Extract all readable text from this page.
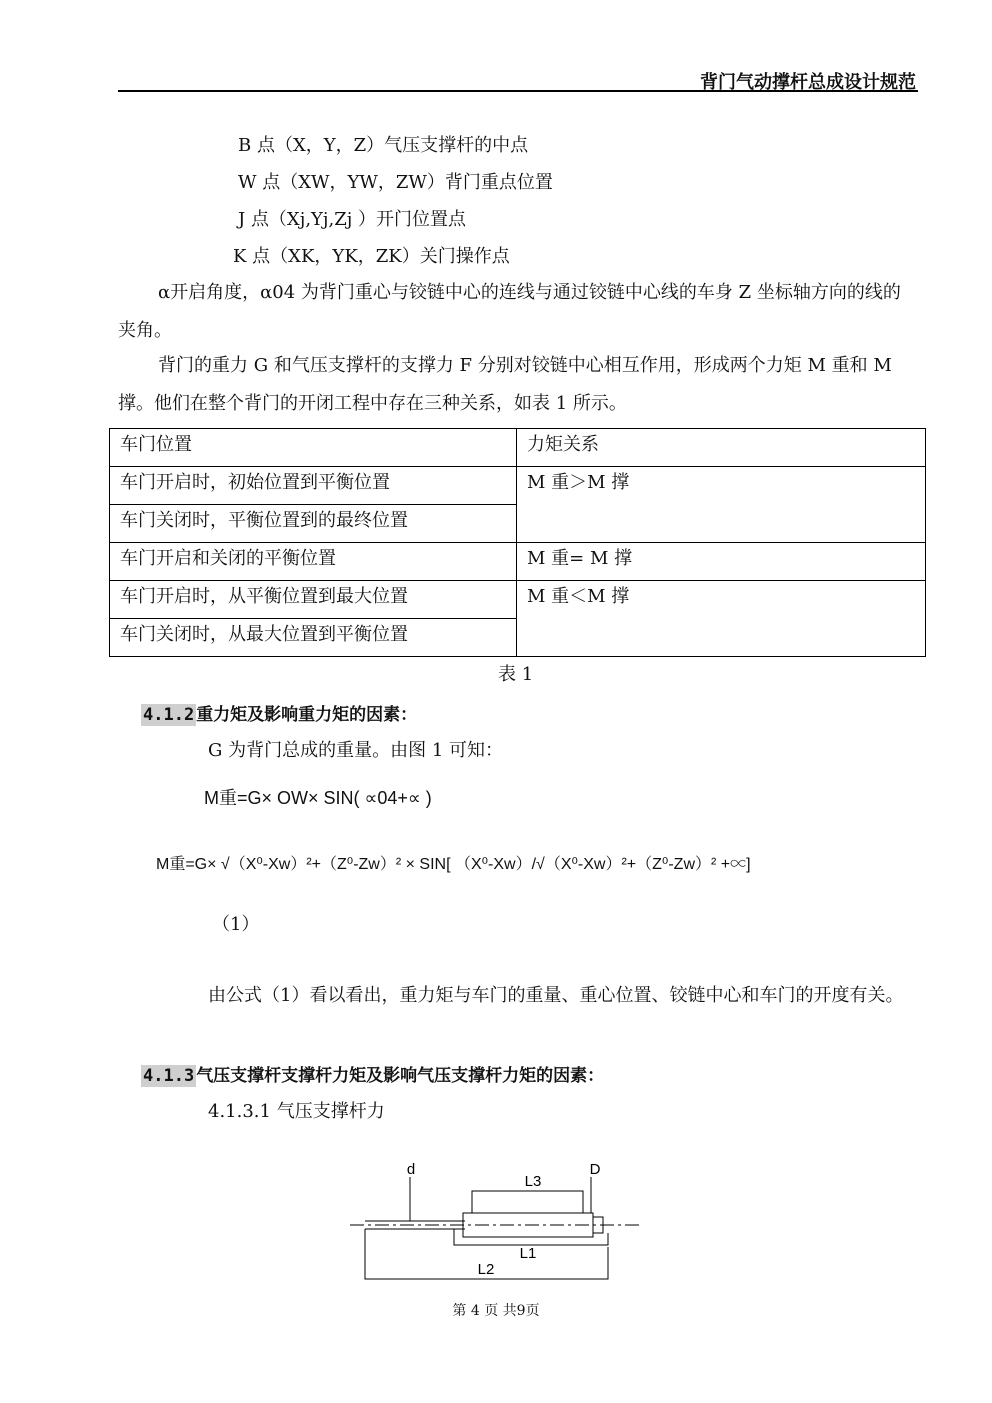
背门气动撑杆总成设计规范
B 点（X，Y，Z）气压支撑杆的中点
W 点（XW，YW，ZW）背门重点位置
J 点（Xj,Yj,Zj ）开门位置点
K 点（XK，YK，ZK）关门操作点
α开启角度，α04 为背门重心与铰链中心的连线与通过铰链中心线的车身 Z 坐标轴方向的线的夹角。
背门的重力 G 和气压支撑杆的支撑力 F 分别对铰链中心相互作用，形成两个力矩 M 重和 M 撑。他们在整个背门的开闭工程中存在三种关系，如表 1 所示。
车门位置	力矩关系
车门开启时，初始位置到平衡位置	M 重＞M 撑
车门关闭时，平衡位置到的最终位置	
车门开启和关闭的平衡位置	M 重= M 撑
车门开启时，从平衡位置到最大位置	M 重＜M 撑
车门关闭时，从最大位置到平衡位置	
表 1
4.1.2 重力矩及影响重力矩的因素：
G 为背门总成的重量。由图 1 可知：
M重=G× OW× SIN( ∝04+∝ )
M重=G× √（X⁰-Xw）²+（Z⁰-Zw）² × SIN[ （X⁰-Xw）/√（X⁰-Xw）²+（Z⁰-Zw）² +∝]
（1）
由公式（1）看以看出，重力矩与车门的重量、重心位置、铰链中心和车门的开度有关。
4.1.3 气压支撑杆支撑杆力矩及影响气压支撑杆力矩的因素：
4.1.3.1 气压支撑杆力
d	D
L3
L1
L2
第 4 页 共9页
